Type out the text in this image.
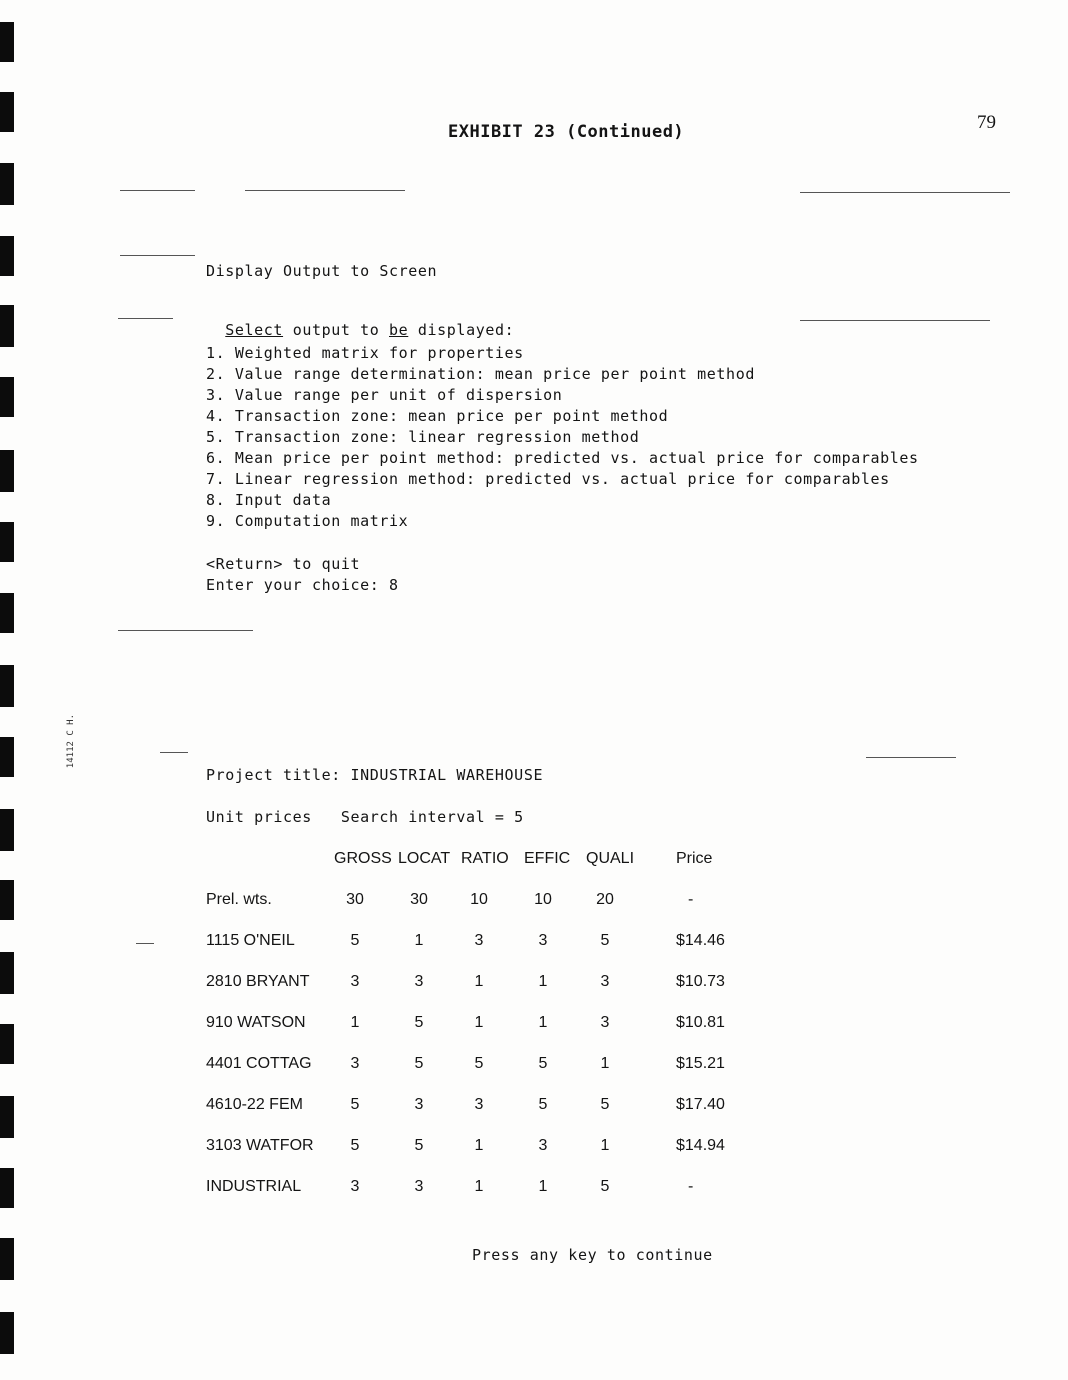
14112 C H.
79
EXHIBIT 23 (Continued)
Display Output to Screen

Select output to be displayed:

1. Weighted matrix for properties
2. Value range determination: mean price per point method
3. Value range per unit of dispersion
4. Transaction zone: mean price per point method
5. Transaction zone: linear regression method
6. Mean price per point method: predicted vs. actual price for comparables
7. Linear regression method: predicted vs. actual price for comparables
8. Input data
9. Computation matrix
<Return> to quit
Enter your choice: 8
Project title: INDUSTRIAL WAREHOUSE
Unit prices   Search interval = 5
GROSS LOCAT RATIO EFFIC QUALI	Price
Prel. wts.	30	30	10	10	20	-
1115 O'NEIL	5	1	3	3	5	$14.46
2810 BRYANT	3	3	1	1	3	$10.73
910 WATSON	1	5	1	1	3	$10.81
4401 COTTAG	3	5	5	5	1	$15.21
4610-22 FEM	5	3	3	5	5	$17.40
3103 WATFOR	5	5	1	3	1	$14.94
INDUSTRIAL	3	3	1	1	5	-
Press any key to continue
